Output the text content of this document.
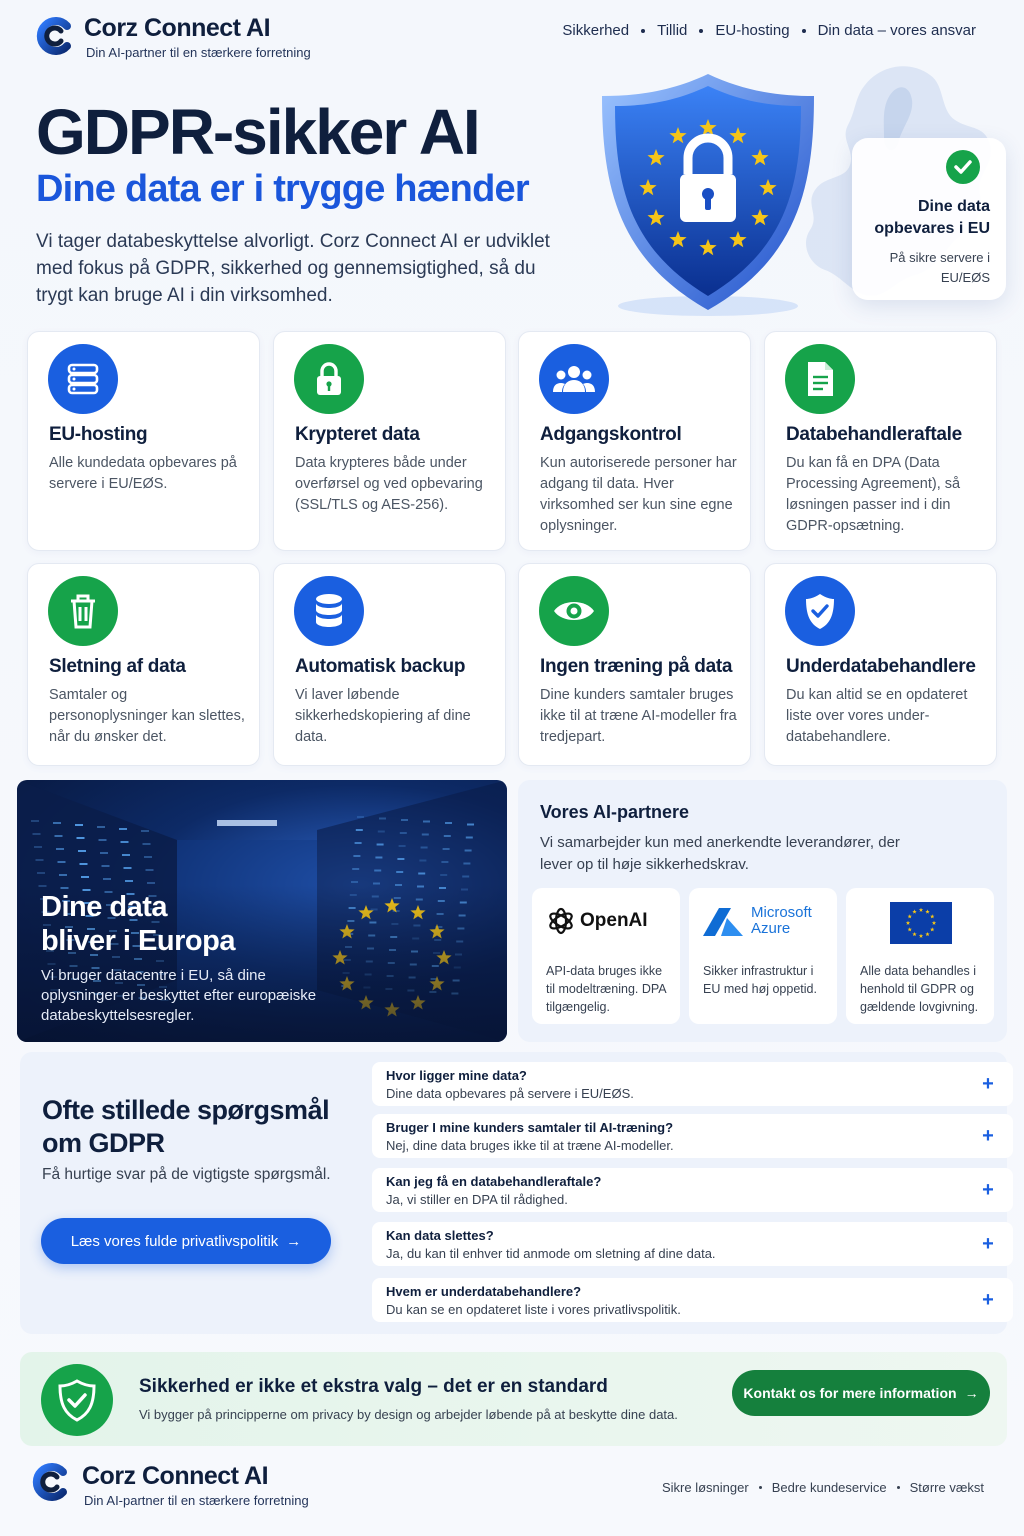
Corz Connect AI
Din AI-partner til en stærkere forretning
Sikkerhed Tillid EU-hosting Din data – vores ansvar
GDPR-sikker AI
Dine data er i trygge hænder

Vi tager databeskyttelse alvorligt. Corz Connect AI er udviklet med fokus på GDPR, sikkerhed og gennemsigtighed, så du trygt kan bruge AI i din virksomhed.

Dine data opbevares i EU
På sikre servere i EU/EØS
EU-hosting
Alle kundedata opbevares på servere i EU/EØS.
Krypteret data
Data krypteres både under overførsel og ved opbevaring (SSL/TLS og AES-256).
Adgangskontrol
Kun autoriserede personer har adgang til data. Hver virksomhed ser kun sine egne oplysninger.
Databehandleraftale
Du kan få en DPA (Data Processing Agreement), så løsningen passer ind i din GDPR-opsætning.
Sletning af data
Samtaler og personoplysninger kan slettes, når du ønsker det.
Automatisk backup
Vi laver løbende sikkerhedskopiering af dine data.
Ingen træning på data
Dine kunders samtaler bruges ikke til at træne AI-modeller fra tredjepart.
Underdatabehandlere
Du kan altid se en opdateret liste over vores under-databehandlere.
Dine data
bliver i Europa
Vi bruger datacentre i EU, så dine oplysninger er beskyttet efter europæiske databeskyttelsesregler.
Vores AI-partnere
Vi samarbejder kun med anerkendte leverandører, der lever op til høje sikkerhedskrav.
OpenAI
API-data bruges ikke til modeltræning. DPA tilgængelig.
Microsoft
Azure
Sikker infrastruktur i EU med høj oppetid.
Alle data behandles i henhold til GDPR og gældende lovgivning.
Ofte stillede spørgsmål om GDPR
Få hurtige svar på de vigtigste spørgsmål.
Læs vores fulde privatlivspolitik →
Hvor ligger mine data?
Dine data opbevares på servere i EU/EØS.	+
Bruger I mine kunders samtaler til AI-træning?
Nej, dine data bruges ikke til at træne AI-modeller.	+
Kan jeg få en databehandleraftale?
Ja, vi stiller en DPA til rådighed.	+
Kan data slettes?
Ja, du kan til enhver tid anmode om sletning af dine data.	+
Hvem er underdatabehandlere?
Du kan se en opdateret liste i vores privatlivspolitik.	+
Sikkerhed er ikke et ekstra valg – det er en standard
Vi bygger på principperne om privacy by design og arbejder løbende på at beskytte dine data.
Kontakt os for mere information →
Corz Connect AI
Din AI-partner til en stærkere forretning
Sikre løsninger Bedre kundeservice Større vækst
